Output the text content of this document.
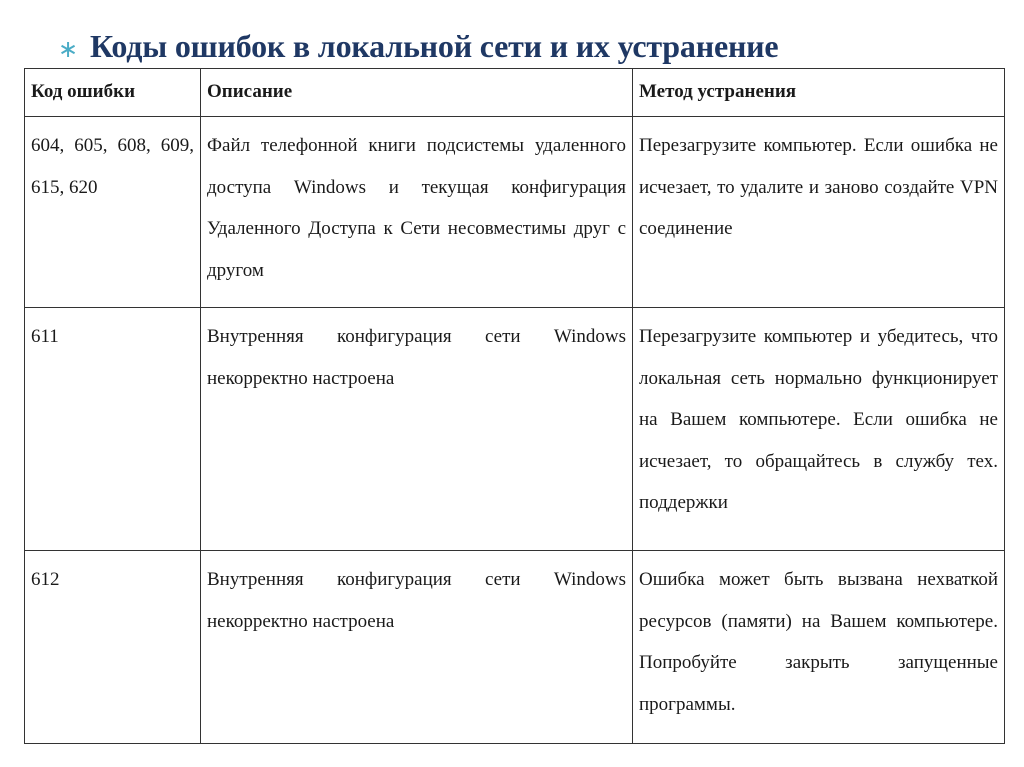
∗ Коды ошибок в локальной сети и их устранение
Код ошибки	Описание	Метод устранения
604, 605, 608, 609, 615, 620	Файл телефонной книги подсистемы удаленного доступа Windows и текущая конфигурация Удаленного Доступа к Сети несовместимы друг с другом	Перезагрузите компьютер. Если ошибка не исчезает, то удалите и заново создайте VPN соединение
611	Внутренняя конфигурация сети Windows некорректно настроена	Перезагрузите компьютер и убедитесь, что локальная сеть нормально функционирует на Вашем компьютере. Если ошибка не исчезает, то обращайтесь в службу тех. поддержки
612	Внутренняя конфигурация сети Windows некорректно настроена	Ошибка может быть вызвана нехваткой ресурсов (памяти) на Вашем компьютере. Попробуйте закрыть запущенные программы.
